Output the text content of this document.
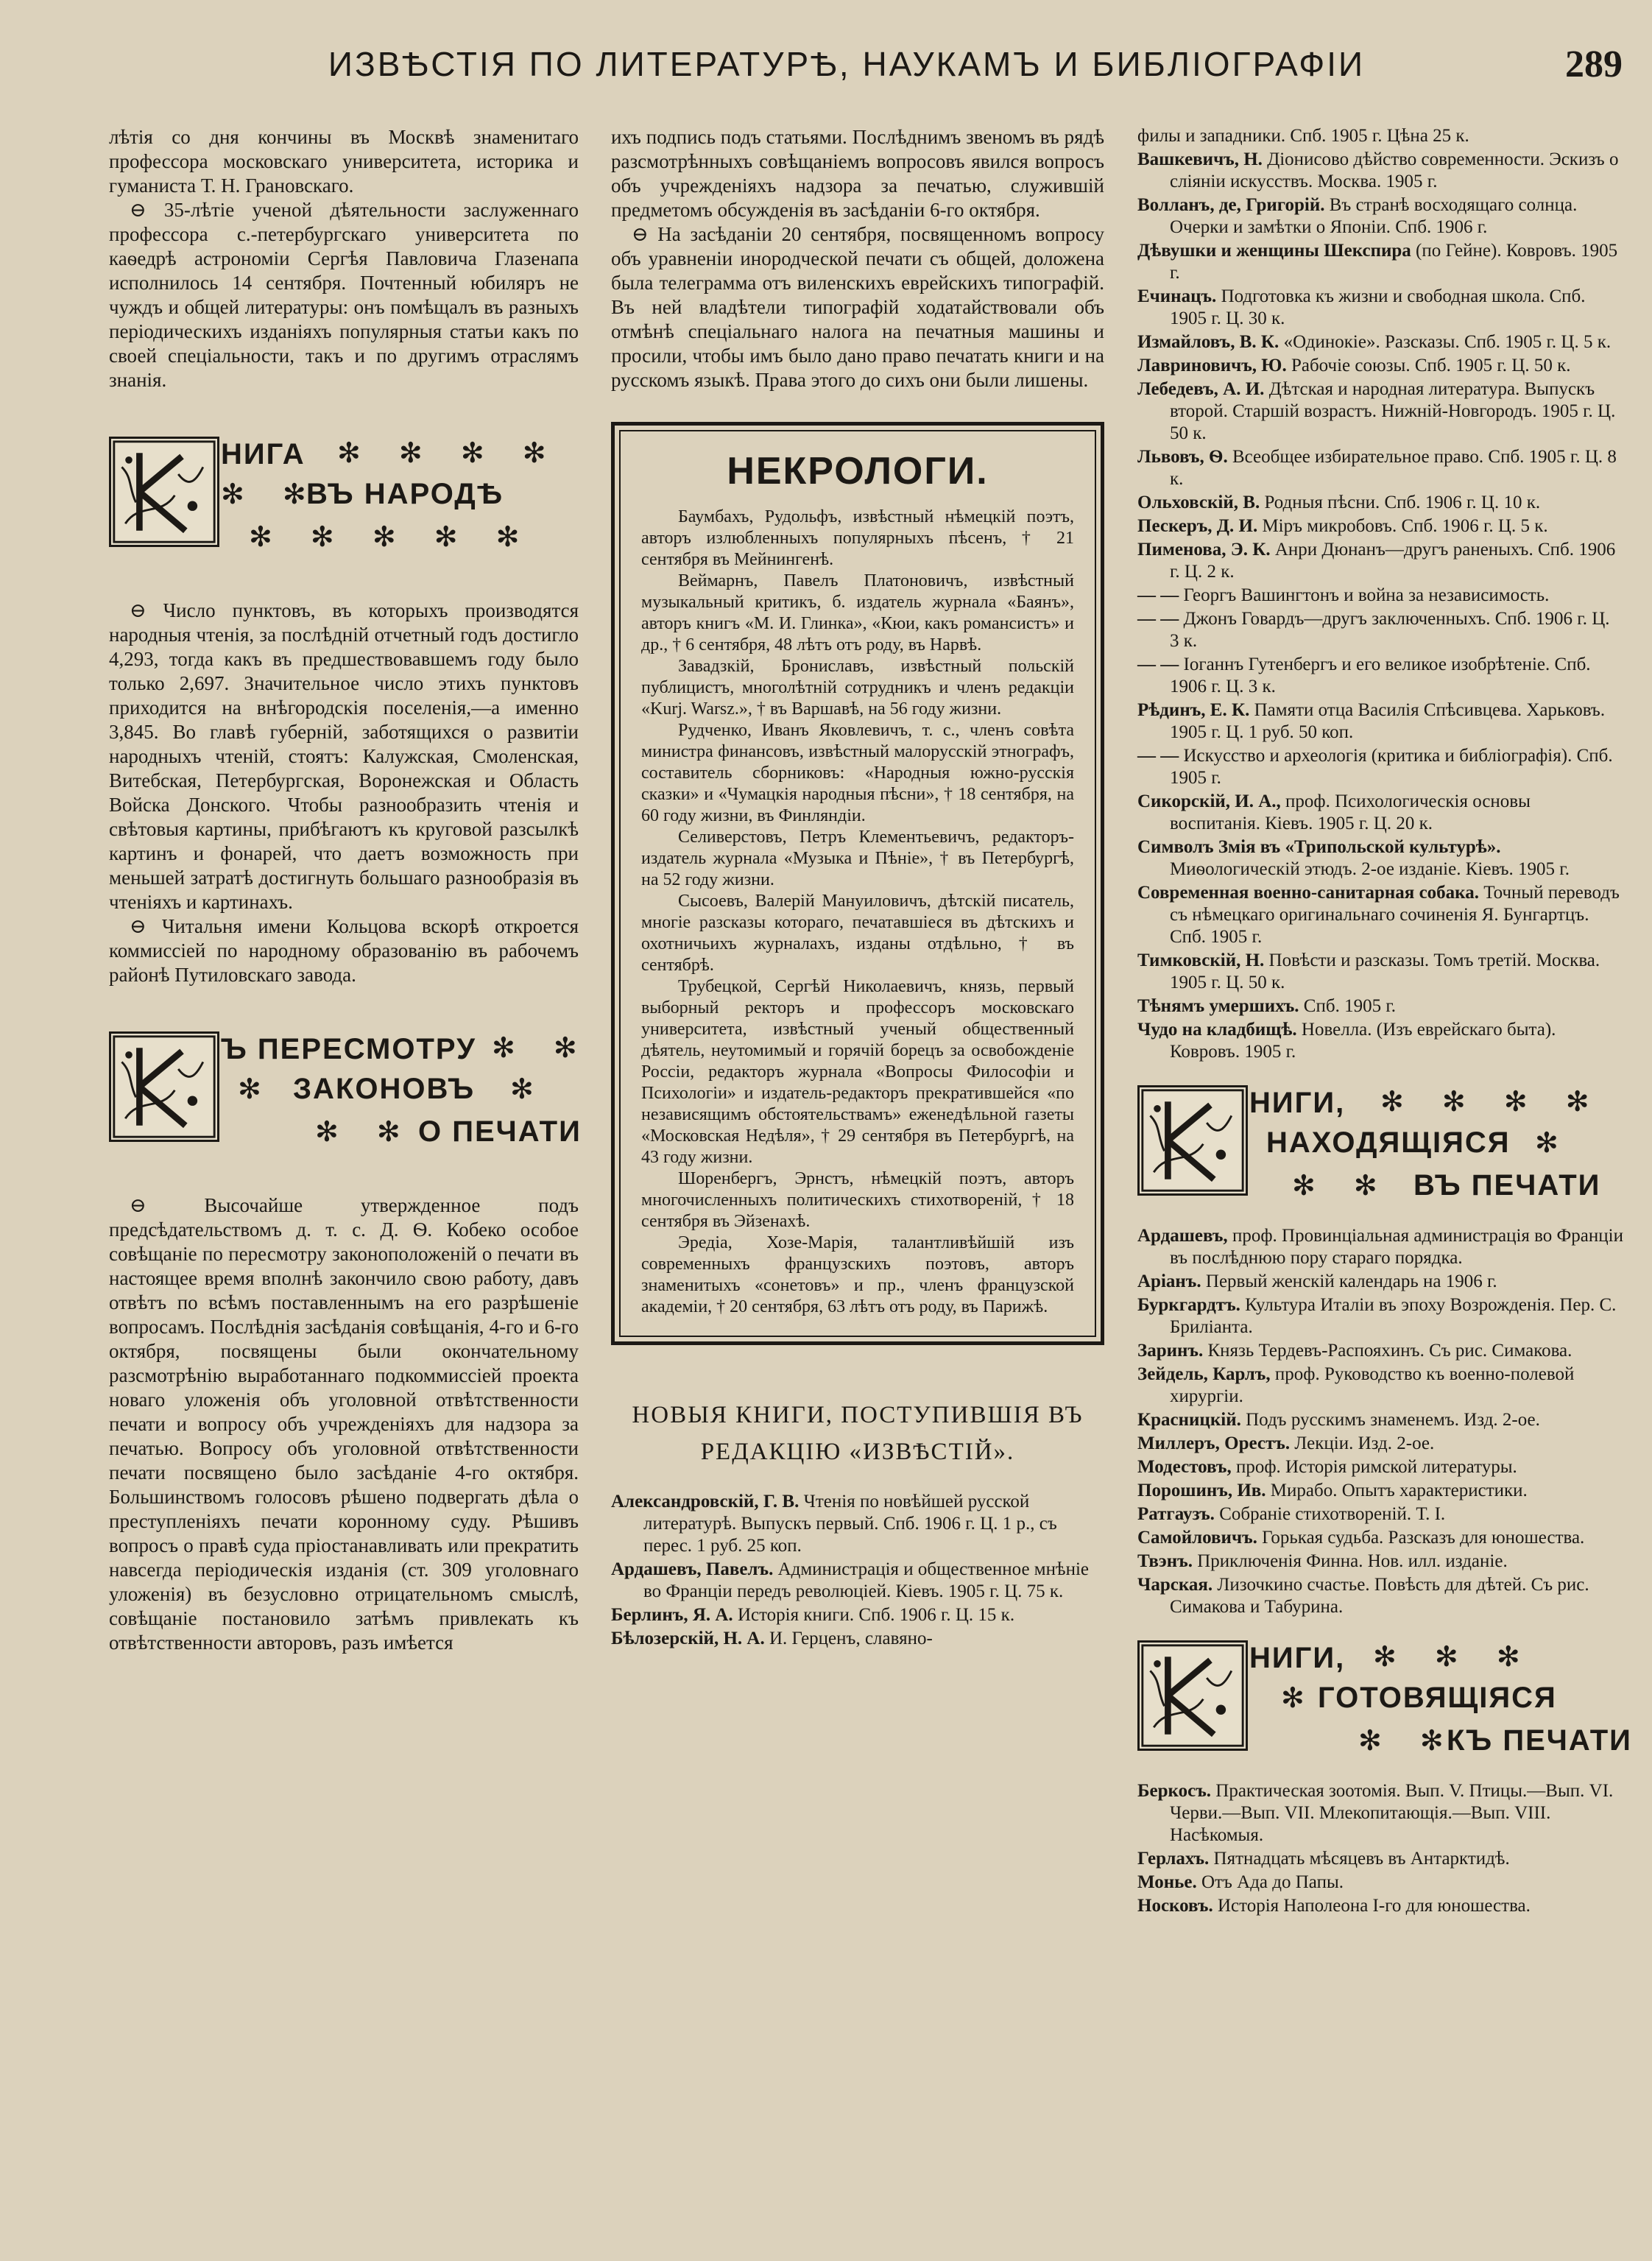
ИЗВѢСТІЯ ПО ЛИТЕРАТУРѢ, НАУКАМЪ И БИБЛІОГРАФІИ	289

лѣтія со дня кончины въ Москвѣ знаменитаго профессора московскаго университета, историка и гуманиста Т. Н. Грановскаго.

⊖ 35-лѣтіе ученой дѣятельности заслуженнаго профессора с.-петербургскаго университета по каѳедрѣ астрономіи Сергѣя Павловича Глазенапа исполнилось 14 сентября. Почтенный юбиляръ не чуждъ и общей литературы: онъ помѣщалъ въ разныхъ періодическихъ изданіяхъ популярныя статьи какъ по своей спеціальности, такъ и по другимъ отраслямъ знанія.

НИГА ✻ ✻ ✻ ✻
✻ ✻
ВЪ НАРОДѢ
✻ ✻ ✻ ✻ ✻

⊖ Число пунктовъ, въ которыхъ производятся народныя чтенія, за послѣдній отчетный годъ достигло 4,293, тогда какъ въ предшествовавшемъ году было только 2,697. Значительное число этихъ пунктовъ приходится на внѣгородскія поселенія,—а именно 3,845. Во главѣ губерній, заботящихся о развитіи народныхъ чтеній, стоятъ: Калужская, Смоленская, Витебская, Петербургская, Воронежская и Область Войска Донского. Чтобы разнообразить чтенія и свѣтовыя картины, прибѣгаютъ къ круговой разсылкѣ картинъ и фонарей, что даетъ возможность при меньшей затратѣ достигнуть большаго разнообразія въ чтеніяхъ и картинахъ.

⊖ Читальня имени Кольцова вскорѣ откроется коммиссіей по народному образованію въ рабочемъ районѣ Путиловскаго завода.

Ъ ПЕРЕСМОТРУ ✻ ✻
✻ ЗАКОНОВЪ ✻
✻ ✻ О ПЕЧАТИ

⊖ Высочайше утвержденное подъ предсѣдательствомъ д. т. с. Д. Ѳ. Кобеко особое совѣщаніе по пересмотру законоположеній о печати въ настоящее время вполнѣ закончило свою работу, давъ отвѣтъ по всѣмъ поставленнымъ на его разрѣшеніе вопросамъ. Послѣднія засѣданія совѣщанія, 4-го и 6-го октября, посвящены были окончательному разсмотрѣнію выработаннаго подкоммиссіей проекта новаго уложенія объ уголовной отвѣтственности печати и вопросу объ учрежденіяхъ для надзора за печатью. Вопросу объ уголовной отвѣтственности печати посвящено было засѣданіе 4-го октября. Большинствомъ голосовъ рѣшено подвергать дѣла о преступленіяхъ печати коронному суду. Рѣшивъ вопросъ о правѣ суда пріостанавливать или прекратить навсегда періодическія изданія (ст. 309 уголовнаго уложенія) въ безусловно отрицательномъ смыслѣ, совѣщаніе постановило затѣмъ привлекать къ отвѣтственности авторовъ, разъ имѣется

ихъ подпись подъ статьями. Послѣднимъ звеномъ въ рядѣ разсмотрѣнныхъ совѣщаніемъ вопросовъ явился вопросъ объ учрежденіяхъ надзора за печатью, служившій предметомъ обсужденія въ засѣданіи 6-го октября.

⊖ На засѣданіи 20 сентября, посвященномъ вопросу объ уравненіи инородческой печати съ общей, доложена была телеграмма отъ виленскихъ еврейскихъ типографій. Въ ней владѣтели типографій ходатайствовали объ отмѣнѣ спеціальнаго налога на печатныя машины и просили, чтобы имъ было дано право печатать книги и на русскомъ языкѣ. Права этого до сихъ они были лишены.

НЕКРОЛОГИ.

Баумбахъ, Рудольфъ, извѣстный нѣмецкій поэтъ, авторъ излюбленныхъ популярныхъ пѣсенъ, † 21 сентября въ Мейнингенѣ.

Веймарнъ, Павелъ Платоновичъ, извѣстный музыкальный критикъ, б. издатель журнала «Баянъ», авторъ книгъ «М. И. Глинка», «Кюи, какъ романсистъ» и др., † 6 сентября, 48 лѣтъ отъ роду, въ Нарвѣ.

Завадзкій, Брониславъ, извѣстный польскій публицистъ, многолѣтній сотрудникъ и членъ редакціи «Kurj. Warsz.», † въ Варшавѣ, на 56 году жизни.

Рудченко, Иванъ Яковлевичъ, т. с., членъ совѣта министра финансовъ, извѣстный малорусскій этнографъ, составитель сборниковъ: «Народныя южно-русскія сказки» и «Чумацкія народныя пѣсни», † 18 сентября, на 60 году жизни, въ Финляндіи.

Селиверстовъ, Петръ Клементьевичъ, редакторъ-издатель журнала «Музыка и Пѣніе», † въ Петербургѣ, на 52 году жизни.

Сысоевъ, Валерій Мануиловичъ, дѣтскій писатель, многіе разсказы котораго, печатавшіеся въ дѣтскихъ и охотничьихъ журналахъ, изданы отдѣльно, † въ сентябрѣ.

Трубецкой, Сергѣй Николаевичъ, князь, первый выборный ректоръ и профессоръ московскаго университета, извѣстный ученый общественный дѣятель, неутомимый и горячій борецъ за освобожденіе Россіи, редакторъ журнала «Вопросы Философіи и Психологіи» и издатель-редакторъ прекратившейся «по независящимъ обстоятельствамъ» еженедѣльной газеты «Московская Недѣля», † 29 сентября въ Петербургѣ, на 43 году жизни.

Шоренбергъ, Эрнстъ, нѣмецкій поэтъ, авторъ многочисленныхъ политическихъ стихотвореній, † 18 сентября въ Эйзенахѣ.

Эредіа, Хозе-Марія, талантливѣйшій изъ современныхъ французскихъ поэтовъ, авторъ знаменитыхъ «сонетовъ» и пр., членъ французской академіи, † 20 сентября, 63 лѣтъ отъ роду, въ Парижѣ.

НОВЫЯ КНИГИ, ПОСТУПИВШІЯ ВЪ
РЕДАКЦІЮ «ИЗВѢСТІЙ».

Александровскій, Г. В. Чтенія по новѣйшей русской литературѣ. Выпускъ первый. Спб. 1906 г. Ц. 1 р., съ перес. 1 руб. 25 коп.

Ардашевъ, Павелъ. Администрація и общественное мнѣніе во Франціи передъ революціей. Кіевъ. 1905 г. Ц. 75 к.

Берлинъ, Я. А. Исторія книги. Спб. 1906 г. Ц. 15 к.

Бѣлозерскій, Н. А. И. Герценъ, славяно-

филы и западники. Спб. 1905 г. Цѣна 25 к.

Вашкевичъ, Н. Діонисово дѣйство современности. Эскизъ о сліяніи искусствъ. Москва. 1905 г.

Волланъ, де, Григорій. Въ странѣ восходящаго солнца. Очерки и замѣтки о Японіи. Спб. 1906 г.

Дѣвушки и женщины Шекспира (по Гейне). Ковровъ. 1905 г.

Ечинацъ. Подготовка къ жизни и свободная школа. Спб. 1905 г. Ц. 30 к.

Измайловъ, В. К. «Одинокіе». Разсказы. Спб. 1905 г. Ц. 5 к.

Лавриновичъ, Ю. Рабочіе союзы. Спб. 1905 г. Ц. 50 к.

Лебедевъ, А. И. Дѣтская и народная литература. Выпускъ второй. Старшій возрастъ. Нижній-Новгородъ. 1905 г. Ц. 50 к.

Львовъ, Ѳ. Всеобщее избирательное право. Спб. 1905 г. Ц. 8 к.

Ольховскій, В. Родныя пѣсни. Спб. 1906 г. Ц. 10 к.

Пескеръ, Д. И. Міръ микробовъ. Спб. 1906 г. Ц. 5 к.

Пименова, Э. К. Анри Дюнанъ—другъ раненыхъ. Спб. 1906 г. Ц. 2 к.

— — Георгъ Вашингтонъ и война за независимость.

— — Джонъ Говардъ—другъ заключенныхъ. Спб. 1906 г. Ц. 3 к.

— — Іоганнъ Гутенбергъ и его великое изобрѣтеніе. Спб. 1906 г. Ц. 3 к.

Рѣдинъ, Е. К. Памяти отца Василія Спѣсивцева. Харьковъ. 1905 г. Ц. 1 руб. 50 коп.

— — Искусство и археологія (критика и библіографія). Спб. 1905 г.

Сикорскій, И. А., проф. Психологическія основы воспитанія. Кіевъ. 1905 г. Ц. 20 к.

Символъ Змія въ «Трипольской культурѣ». Миѳологическій этюдъ. 2-ое изданіе. Кіевъ. 1905 г.

Современная военно-санитарная собака. Точный переводъ съ нѣмецкаго оригинальнаго сочиненія Я. Бунгартцъ. Спб. 1905 г.

Тимковскій, Н. Повѣсти и разсказы. Томъ третій. Москва. 1905 г. Ц. 50 к.

Тѣнямъ умершихъ. Спб. 1905 г.

Чудо на кладбищѣ. Новелла. (Изъ еврейскаго быта). Ковровъ. 1905 г.

НИГИ, ✻ ✻ ✻ ✻
НАХОДЯЩІЯСЯ ✻
✻ ✻ ВЪ ПЕЧАТИ

Ардашевъ, проф. Провинціальная администрація во Франціи въ послѣднюю пору стараго порядка.

Аріанъ. Первый женскій календарь на 1906 г.

Буркгардтъ. Культура Италіи въ эпоху Возрожденія. Пер. С. Бриліанта.

Заринъ. Князь Тердевъ-Распояхинъ. Съ рис. Симакова.

Зейдель, Карлъ, проф. Руководство къ военно-полевой хирургіи.

Красницкій. Подъ русскимъ знаменемъ. Изд. 2-ое.

Миллеръ, Орестъ. Лекціи. Изд. 2-ое.

Модестовъ, проф. Исторія римской литературы.

Порошинъ, Ив. Мирабо. Опытъ характеристики.

Ратгаузъ. Собраніе стихотвореній. Т. I.

Самойловичъ. Горькая судьба. Разсказъ для юношества.

Твэнъ. Приключенія Финна. Нов. илл. изданіе.

Чарская. Лизочкино счастье. Повѣсть для дѣтей. Съ рис. Симакова и Табурина.

НИГИ, ✻ ✻ ✻
✻
ГОТОВЯЩІЯСЯ
✻ ✻
КЪ ПЕЧАТИ

Беркосъ. Практическая зоотомія. Вып. V. Птицы.—Вып. VI. Черви.—Вып. VII. Млекопитающія.—Вып. VIII. Насѣкомыя.

Герлахъ. Пятнадцать мѣсяцевъ въ Антарктидѣ.

Монье. Отъ Ада до Папы.

Носковъ. Исторія Наполеона I-го для юношества.
